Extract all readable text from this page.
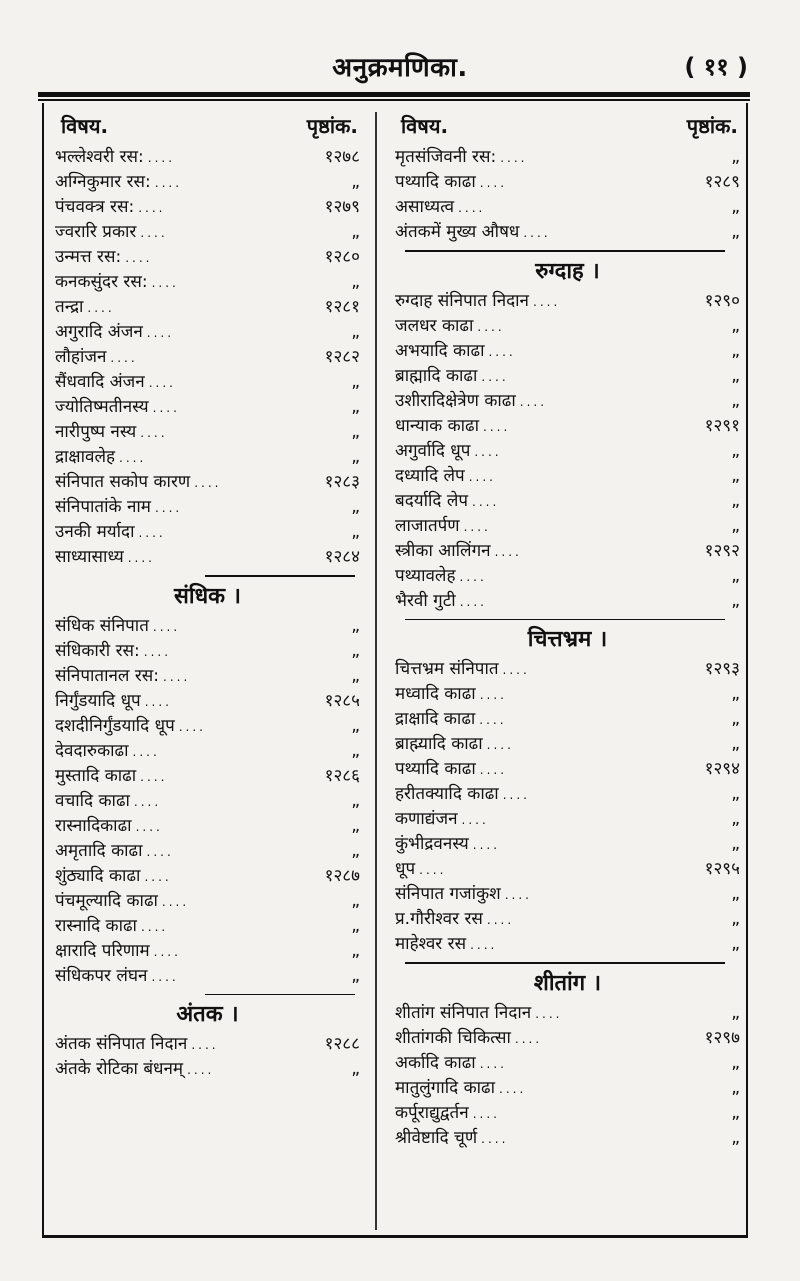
अनुक्रमणिका.	( ११ )
विषय.	पृष्ठांक.
भल्लेश्वरी रस: ....	१२७८
अग्निकुमार रस: ....	„
पंचवक्त्र रस: ....	१२७९
ज्वरारि प्रकार ....	„
उन्मत्त रस: ....	१२८०
कनकसुंदर रस: ....	„
तन्द्रा ....	१२८१
अगुरादि अंजन ....	„
लौहांजन ....	१२८२
सैंधवादि अंजन ....	„
ज्योतिष्मतीनस्य ....	„
नारीपुष्प नस्य ....	„
द्राक्षावलेह ....	„
संनिपात सकोप कारण ....	१२८३
संनिपातांके नाम ....	„
उनकी मर्यादा ....	„
साध्यासाध्य ....	१२८४
संधिक ।
संधिक संनिपात ....	„
संधिकारी रस: ....	„
संनिपातानल रस: ....	„
निर्गुंडयादि धूप ....	१२८५
दशदीनिर्गुंडयादि धूप ....	„
देवदारुकाढा ....	„
मुस्तादि काढा ....	१२८६
वचादि काढा ....	„
रास्नादिकाढा ....	„
अमृतादि काढा ....	„
शुंठ्यादि काढा ....	१२८७
पंचमूल्यादि काढा ....	„
रास्नादि काढा ....	„
क्षारादि परिणाम ....	„
संधिकपर लंघन ....	„
अंतक ।
अंतक संनिपात निदान ....	१२८८
अंतके रोटिका बंधनम् ....	„
विषय.	पृष्ठांक.
मृतसंजिवनी रस: ....	„
पथ्यादि काढा ....	१२८९
असाध्यत्व ....	„
अंतकमें मुख्य औषध ....	„
रुग्दाह ।
रुग्दाह संनिपात निदान ....	१२९०
जलधर काढा ....	„
अभयादि काढा ....	„
ब्राह्मादि काढा ....	„
उशीरादिक्षेत्रेण काढा ....	„
धान्याक काढा ....	१२९१
अगुर्वादि धूप ....	„
दध्यादि लेप ....	„
बदर्यादि लेप ....	„
लाजातर्पण ....	„
स्त्रीका आलिंगन ....	१२९२
पथ्यावलेह ....	„
भैरवी गुटी ....	„
चित्तभ्रम ।
चित्तभ्रम संनिपात ....	१२९३
मध्वादि काढा ....	„
द्राक्षादि काढा ....	„
ब्राह्म्यादि काढा ....	„
पथ्यादि काढा ....	१२९४
हरीतक्यादि काढा ....	„
कणाद्यंजन ....	„
कुंभीद्रवनस्य ....	„
धूप ....	१२९५
संनिपात गजांकुश ....	„
प्र.गौरीश्वर रस ....	„
माहेश्वर रस ....	„
शीतांग ।
शीतांग संनिपात निदान ....	„
शीतांगकी चिकित्सा ....	१२९७
अर्कादि काढा ....	„
मातुलुंगादि काढा ....	„
कर्पूराद्युद्वर्तन ....	„
श्रीवेष्टादि चूर्ण ....	„
